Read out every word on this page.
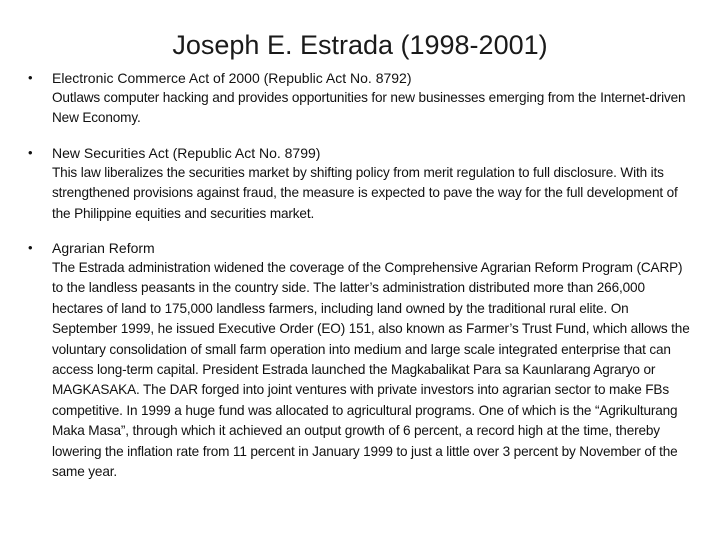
Joseph E. Estrada (1998-2001)
• Electronic Commerce Act of 2000 (Republic Act No. 8792)
Outlaws computer hacking and provides opportunities for new businesses emerging from the Internet-driven New Economy.
• New Securities Act (Republic Act No. 8799)
This law liberalizes the securities market by shifting policy from merit regulation to full disclosure. With its strengthened provisions against fraud, the measure is expected to pave the way for the full development of the Philippine equities and securities market.
• Agrarian Reform
The Estrada administration widened the coverage of the Comprehensive Agrarian Reform Program (CARP) to the landless peasants in the country side. The latter’s administration distributed more than 266,000 hectares of land to 175,000 landless farmers, including land owned by the traditional rural elite. On September 1999, he issued Executive Order (EO) 151, also known as Farmer’s Trust Fund, which allows the voluntary consolidation of small farm operation into medium and large scale integrated enterprise that can access long-term capital. President Estrada launched the Magkabalikat Para sa Kaunlarang Agraryo or MAGKASAKA. The DAR forged into joint ventures with private investors into agrarian sector to make FBs competitive. In 1999 a huge fund was allocated to agricultural programs. One of which is the “Agrikulturang Maka Masa”, through which it achieved an output growth of 6 percent, a record high at the time, thereby lowering the inflation rate from 11 percent in January 1999 to just a little over 3 percent by November of the same year.
